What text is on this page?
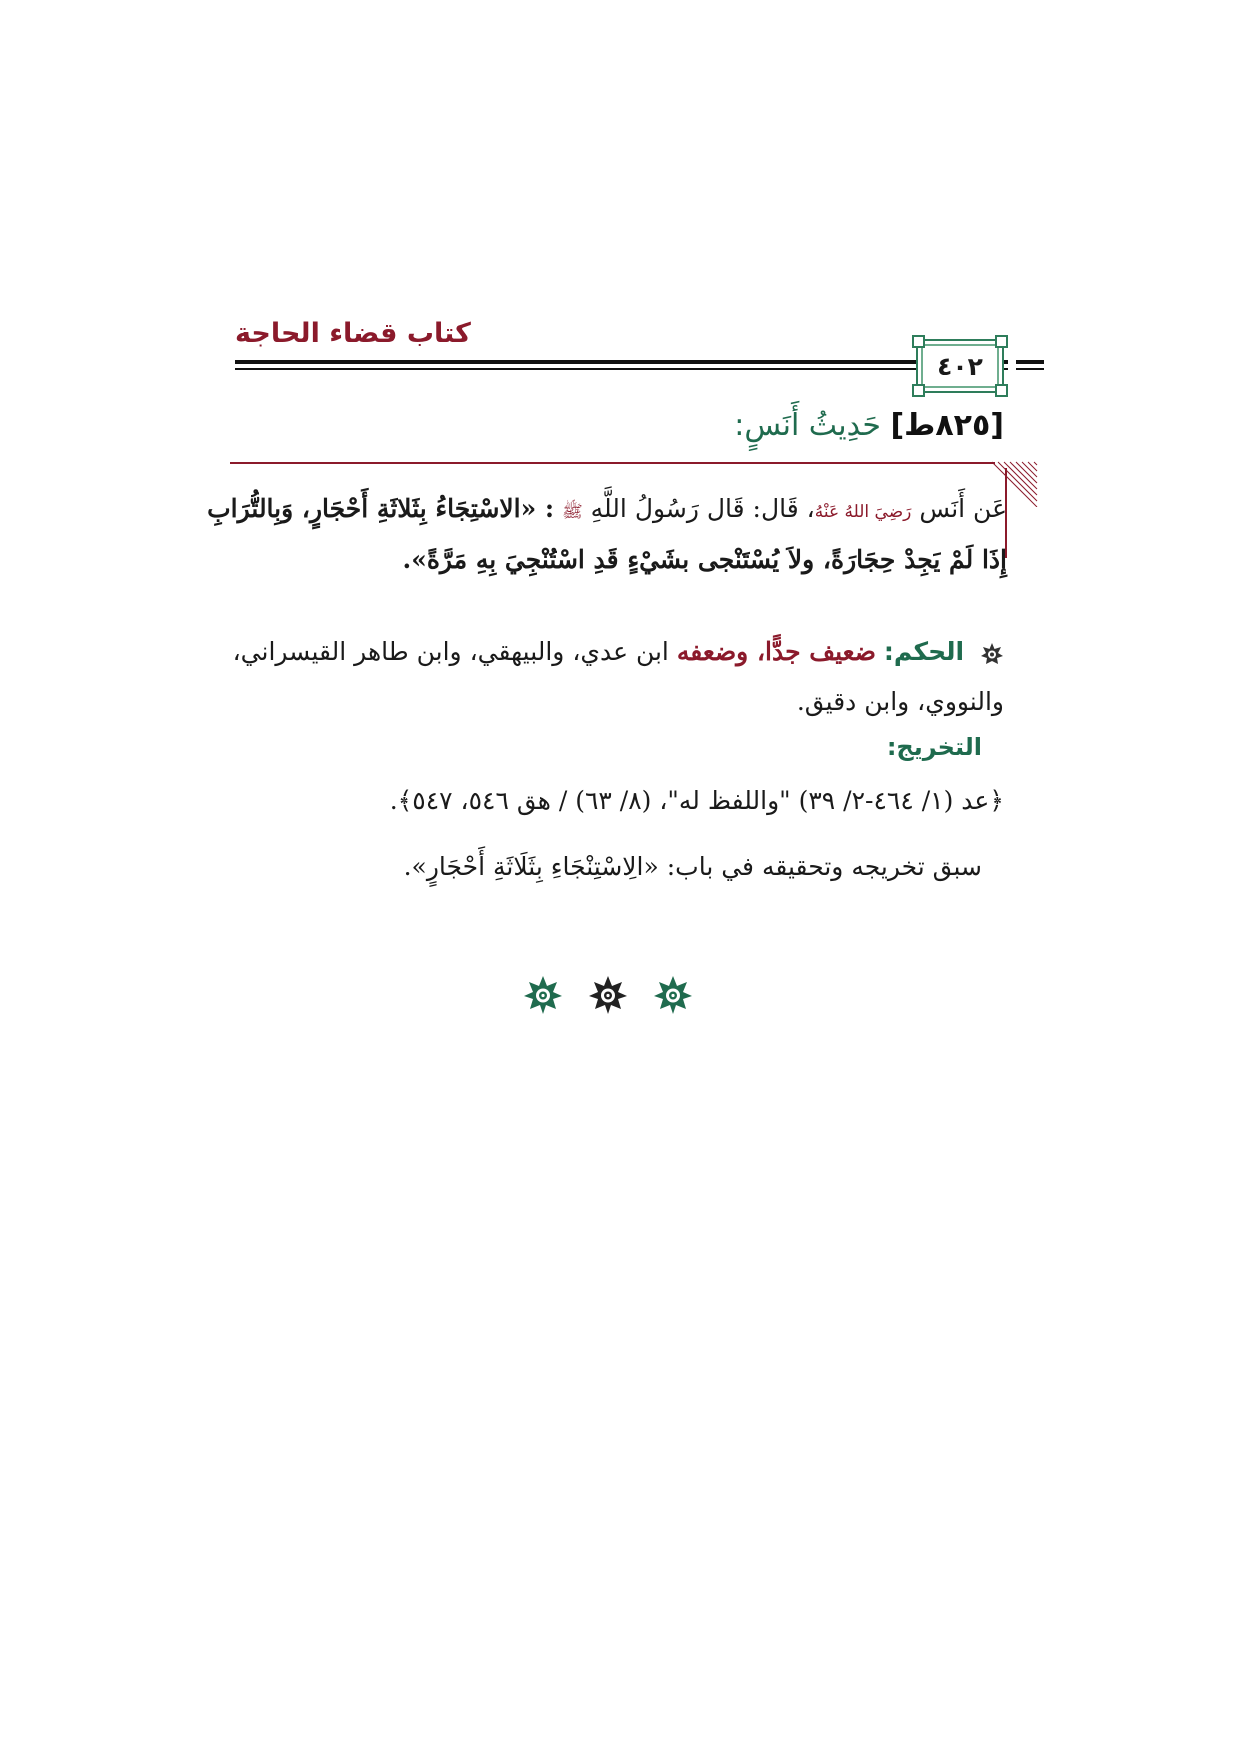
كتاب قضاء الحاجة
٤٠٢
[٨٢٥ط] حَدِيثُ أَنَسٍ:
عَن أَنَس رَضِيَ اللهُ عَنْهُ، قَال: قَال رَسُولُ اللَّهِ ﷺ : «الاسْتِجَاءُ بِثَلاثَةِ أَحْجَارٍ، وَبِالتُّرَابِ إِذَا لَمْ يَجِدْ حِجَارَةً، ولاَ يُسْتَنْجى بشَيْءٍ قَدِ اسْتُنْجِيَ بِهِ مَرَّةً».
الحكم: ضعيف جدًّا، وضعفه ابن عدي، والبيهقي، وابن طاهر القيسراني، والنووي، وابن دقيق.
التخريج:
﴿عد (١/ ٤٦٤-٢/ ٣٩) "واللفظ له"، (٨/ ٦٣) / هق ٥٤٦، ٥٤٧﴾.
سبق تخريجه وتحقيقه في باب: «الِاسْتِنْجَاءِ بِثَلَاثَةِ أَحْجَارٍ».
